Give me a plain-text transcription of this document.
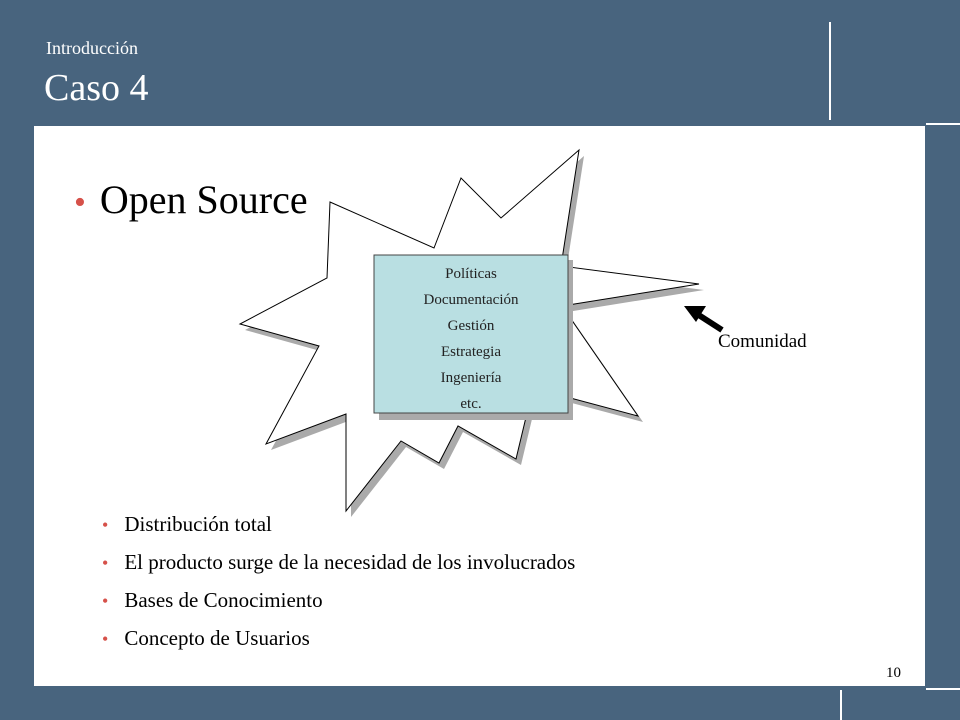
Introducción
Caso 4
• Open Source
Políticas
Documentación
Gestión
Estrategia
Ingeniería
etc.
Comunidad
• Distribución total
• El producto surge de la necesidad de los involucrados
• Bases de Conocimiento
• Concepto de Usuarios
10
